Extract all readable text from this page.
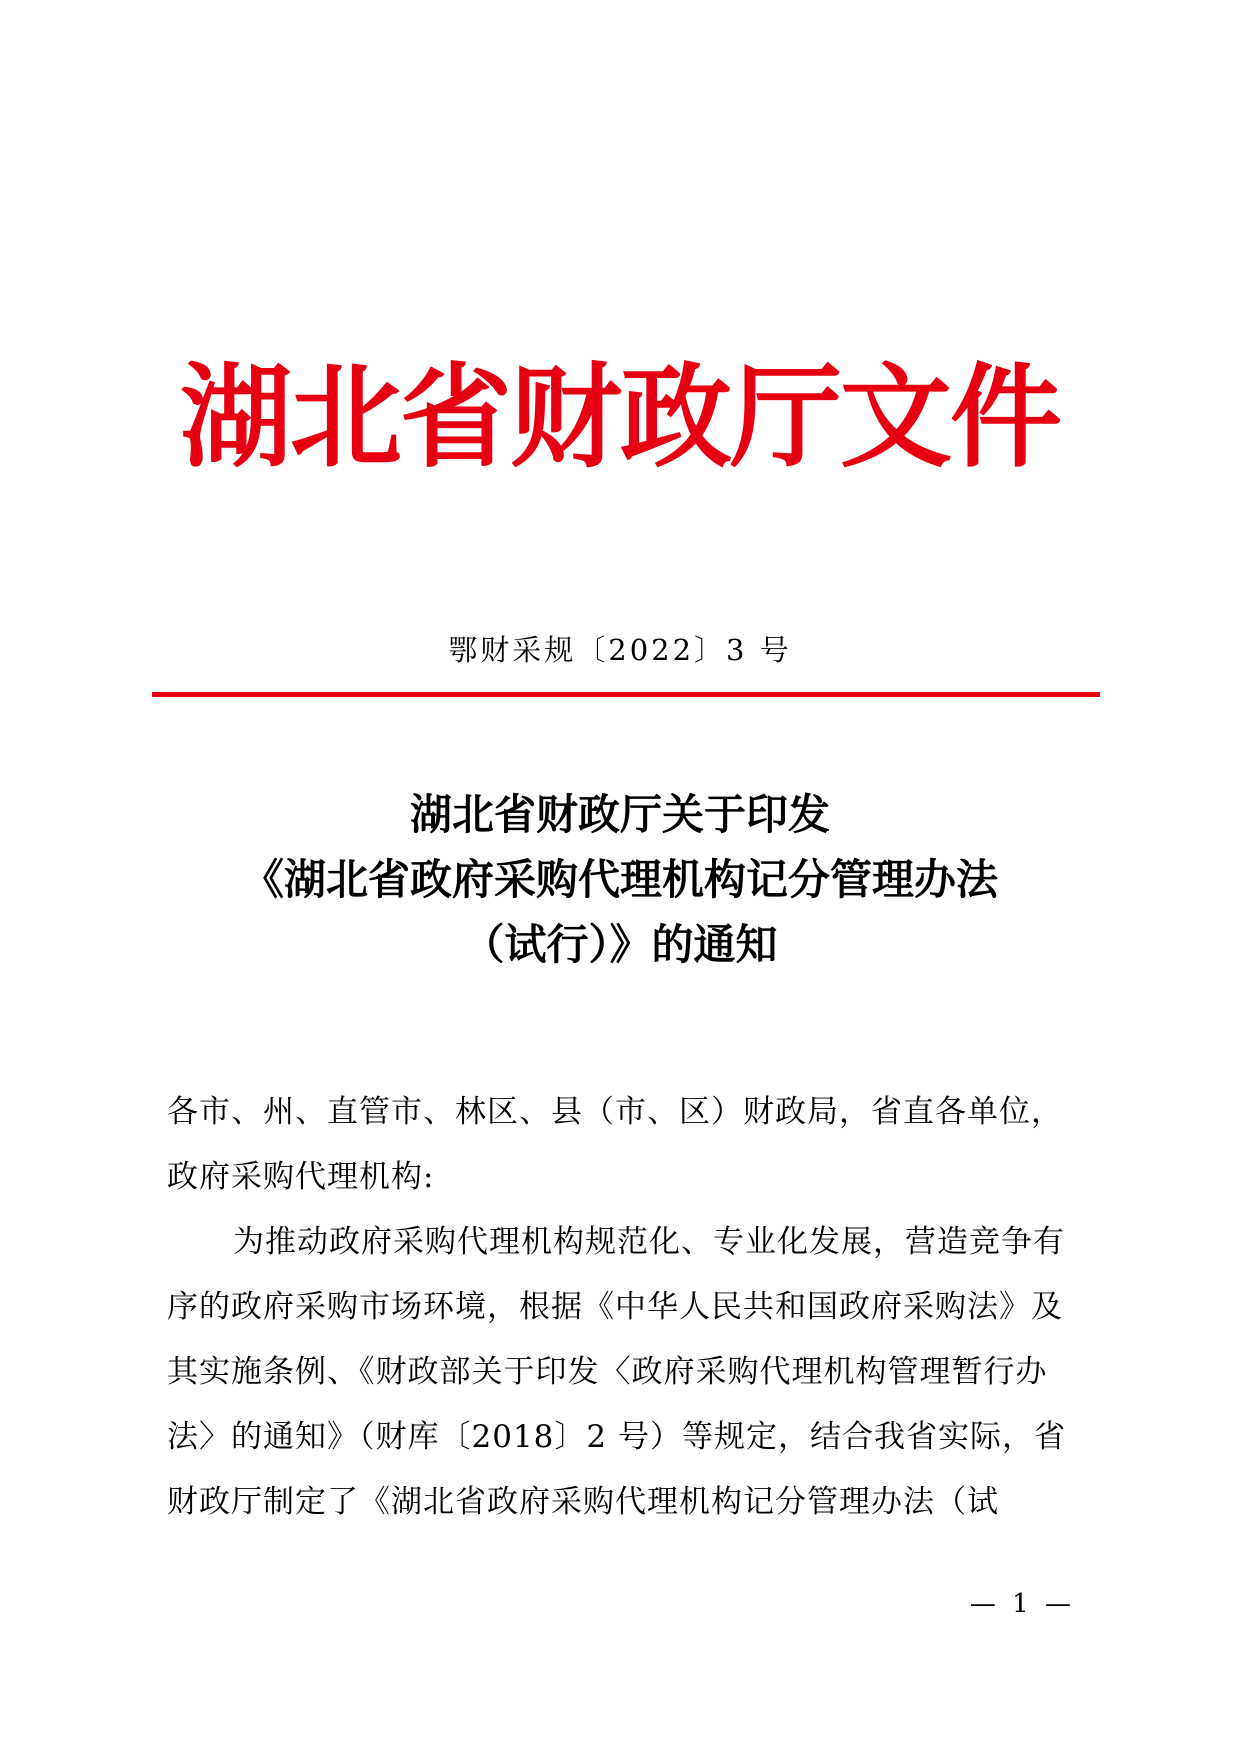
湖北省财政厅文件
鄂财采规〔2022〕3 号
湖北省财政厅关于印发
《湖北省政府采购代理机构记分管理办法
（试行）》的通知
各市、州、直管市、林区、县（市、区）财政局，省直各单位，
政府采购代理机构:
为推动政府采购代理机构规范化、专业化发展，营造竞争有
序的政府采购市场环境，根据《中华人民共和国政府采购法》及
其实施条例、《财政部关于印发〈政府采购代理机构管理暂行办
法〉的通知》（财库〔2018〕2 号）等规定，结合我省实际，省
财政厅制定了《湖北省政府采购代理机构记分管理办法（试
— 1 —
